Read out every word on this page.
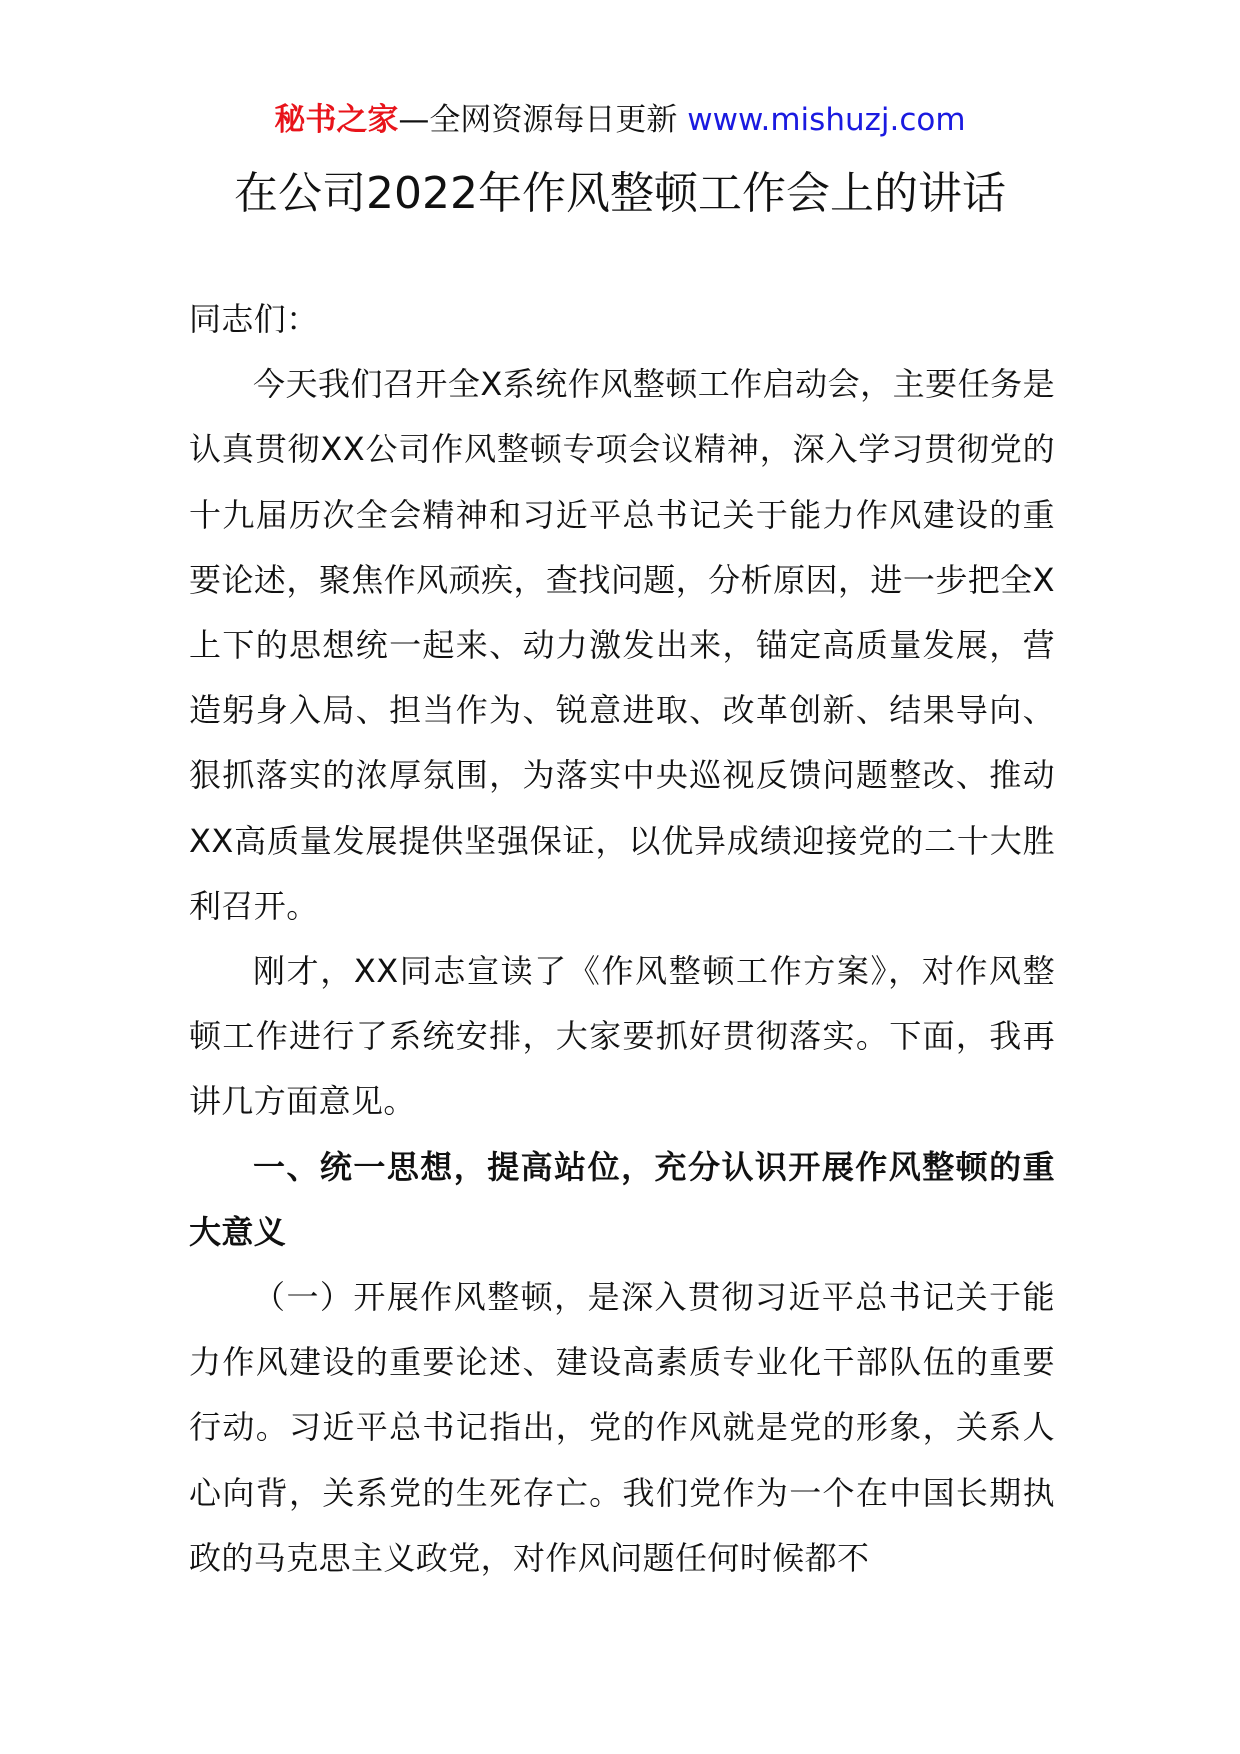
秘书之家—全网资源每日更新 www.mishuzj.com
在公司2022年作风整顿工作会上的讲话

同志们：

今天我们召开全X系统作风整顿工作启动会，主要任务是认真贯彻XX公司作风整顿专项会议精神，深入学习贯彻党的十九届历次全会精神和习近平总书记关于能力作风建设的重要论述，聚焦作风顽疾，查找问题，分析原因，进一步把全X上下的思想统一起来、动力激发出来，锚定高质量发展，营造躬身入局、担当作为、锐意进取、改革创新、结果导向、狠抓落实的浓厚氛围，为落实中央巡视反馈问题整改、推动XX高质量发展提供坚强保证，以优异成绩迎接党的二十大胜利召开。

刚才，XX同志宣读了《作风整顿工作方案》，对作风整顿工作进行了系统安排，大家要抓好贯彻落实。下面，我再讲几方面意见。

一、统一思想，提高站位，充分认识开展作风整顿的重大意义

（一）开展作风整顿，是深入贯彻习近平总书记关于能力作风建设的重要论述、建设高素质专业化干部队伍的重要行动。习近平总书记指出，党的作风就是党的形象，关系人心向背，关系党的生死存亡。我们党作为一个在中国长期执政的马克思主义政党，对作风问题任何时候都不
